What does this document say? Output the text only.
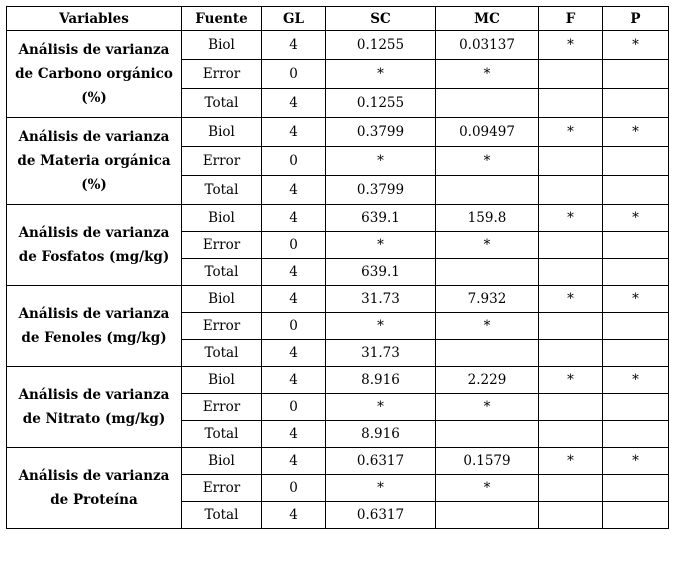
Variables	Fuente	GL	SC	MC	F	P
Análisis de varianza de Carbono orgánico (%)	Biol	4	0.1255	0.03137	*	*
	Error	0	*	*		
	Total	4	0.1255			
Análisis de varianza de Materia orgánica (%)	Biol	4	0.3799	0.09497	*	*
	Error	0	*	*		
	Total	4	0.3799			
Análisis de varianza de Fosfatos (mg/kg)	Biol	4	639.1	159.8	*	*
	Error	0	*	*		
	Total	4	639.1			
Análisis de varianza de Fenoles (mg/kg)	Biol	4	31.73	7.932	*	*
	Error	0	*	*		
	Total	4	31.73			
Análisis de varianza de Nitrato (mg/kg)	Biol	4	8.916	2.229	*	*
	Error	0	*	*		
	Total	4	8.916			
Análisis de varianza de Proteína	Biol	4	0.6317	0.1579	*	*
	Error	0	*	*		
	Total	4	0.6317			
